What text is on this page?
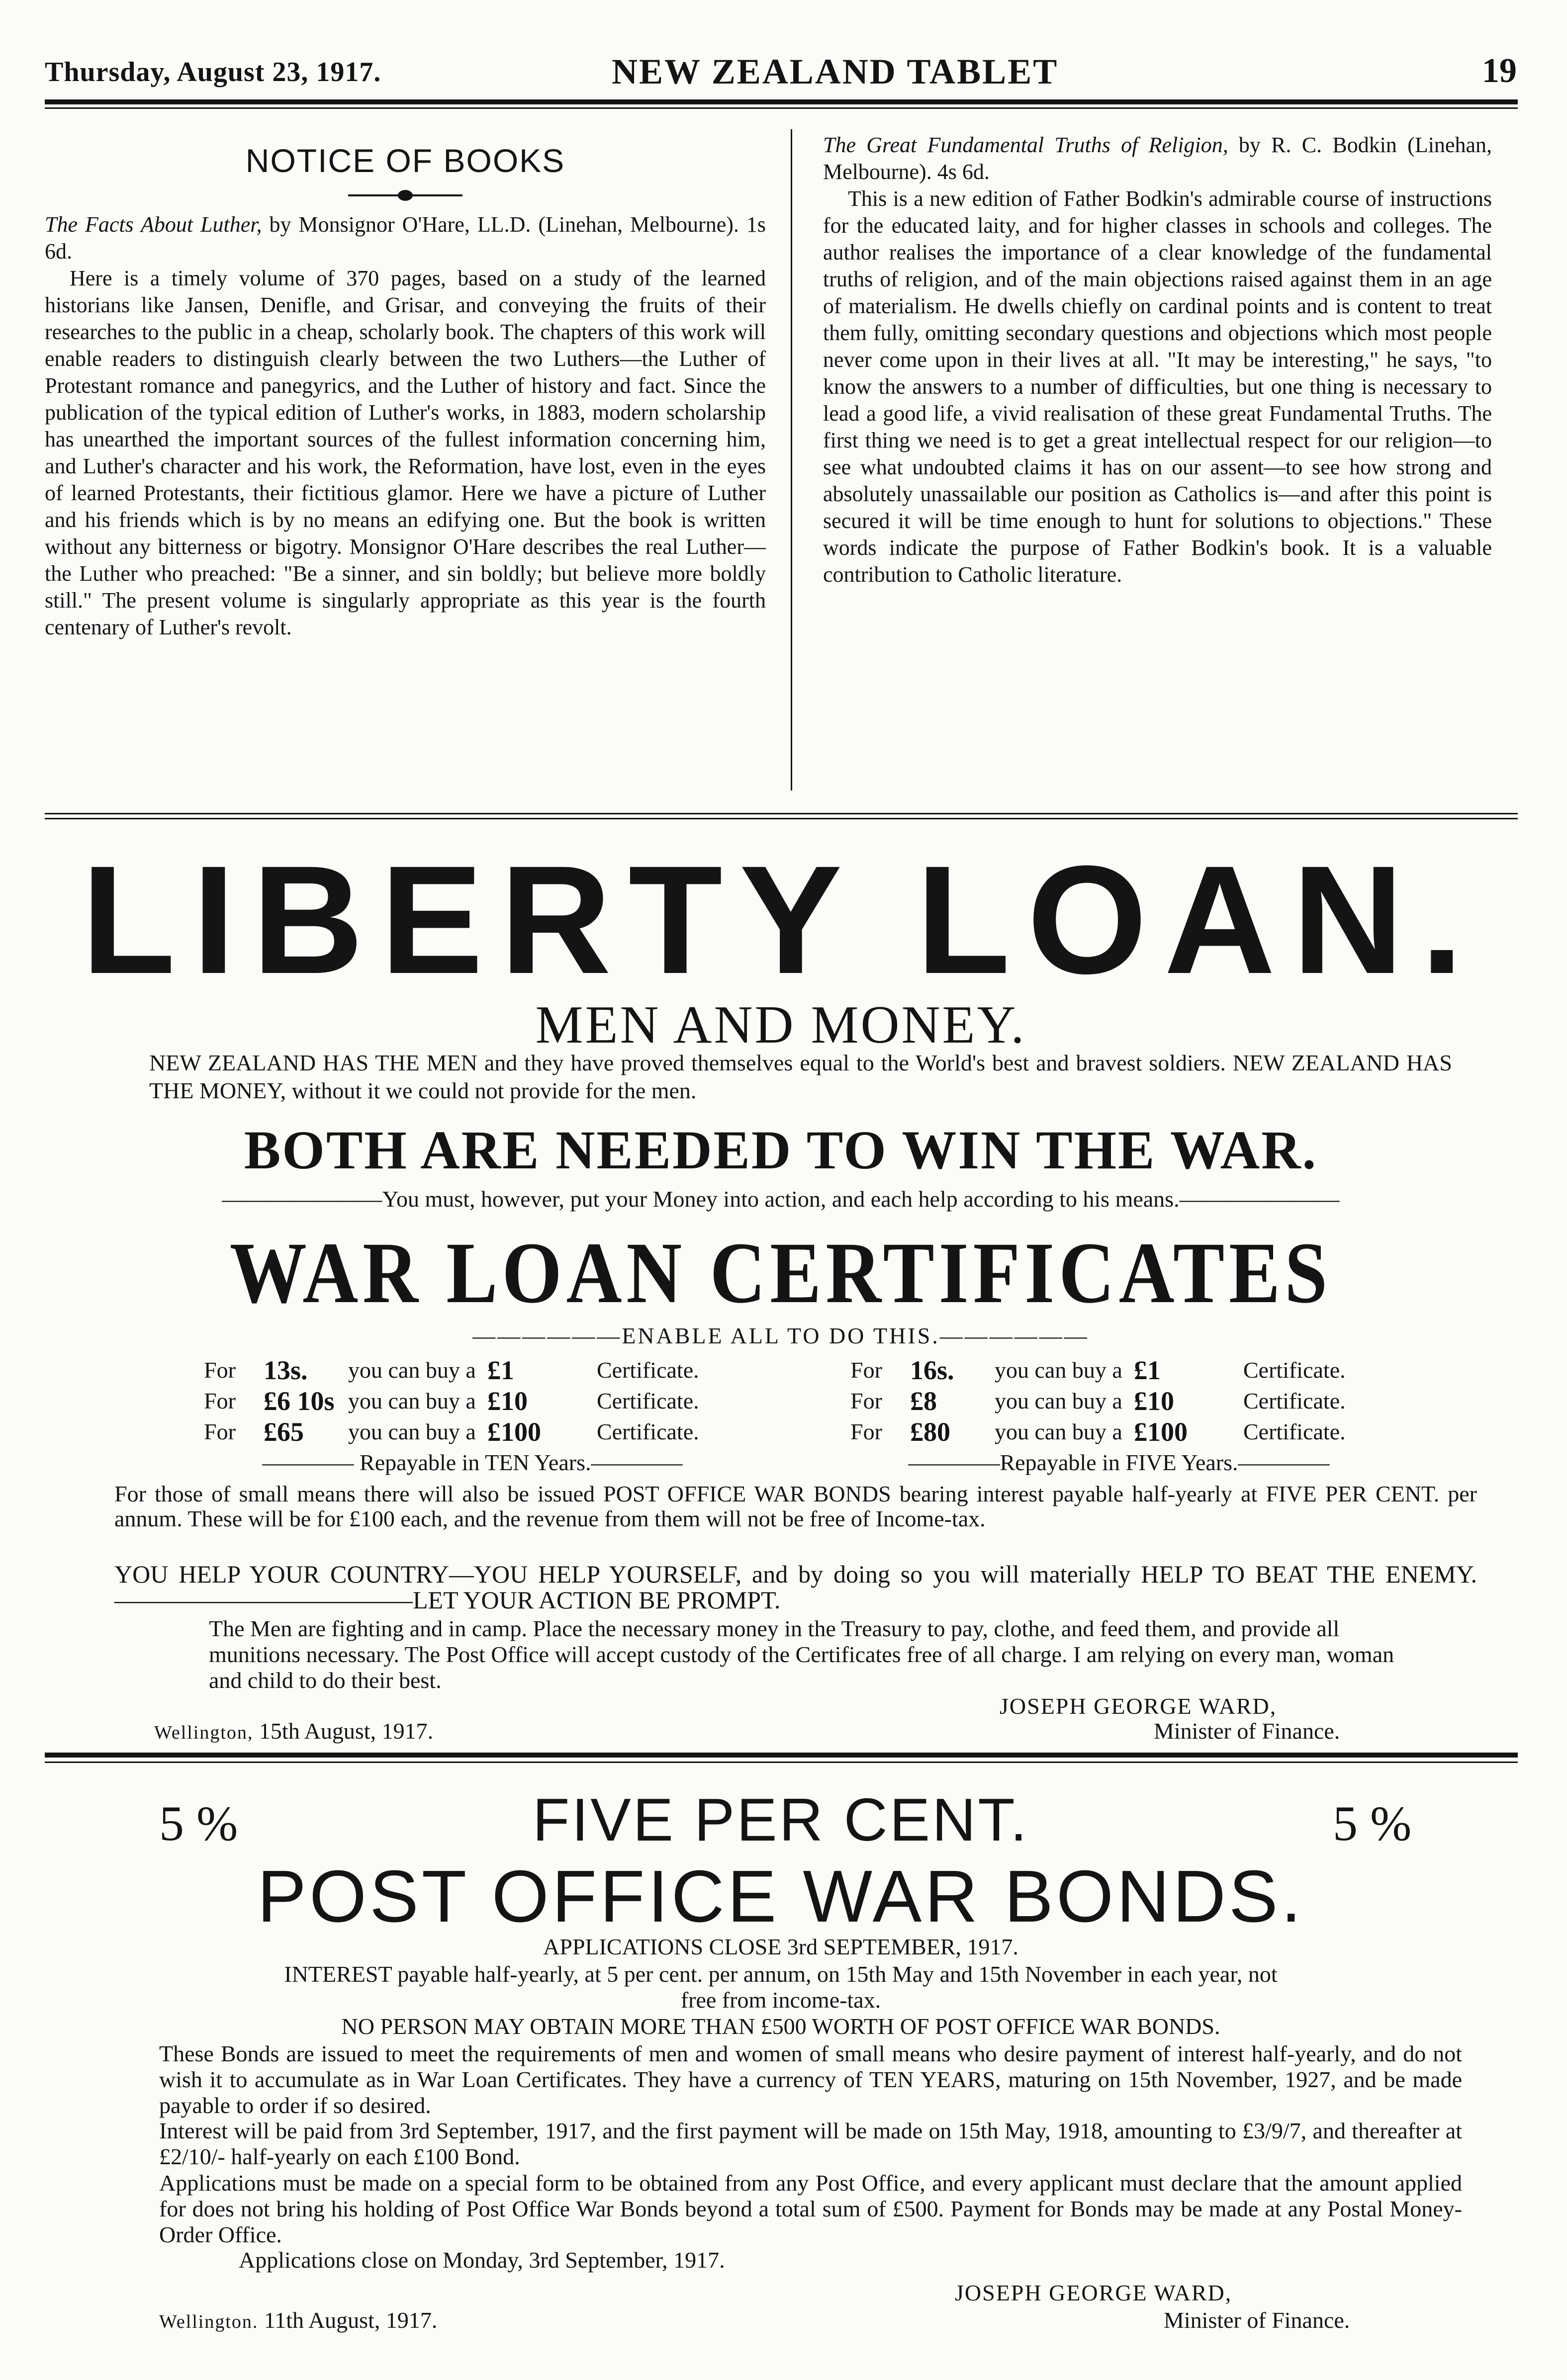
Thursday, August 23, 1917.	NEW ZEALAND TABLET	19
NOTICE OF BOOKS

The Facts About Luther, by Monsignor O'Hare, LL.D. (Linehan, Melbourne). 1s 6d.

Here is a timely volume of 370 pages, based on a study of the learned historians like Jansen, Denifle, and Grisar, and conveying the fruits of their researches to the public in a cheap, scholarly book. The chapters of this work will enable readers to distinguish clearly between the two Luthers—the Luther of Protestant romance and panegyrics, and the Luther of history and fact. Since the publication of the typical edition of Luther's works, in 1883, modern scholarship has unearthed the important sources of the fullest information concerning him, and Luther's character and his work, the Reformation, have lost, even in the eyes of learned Protestants, their fictitious glamor. Here we have a picture of Luther and his friends which is by no means an edifying one. But the book is written without any bitterness or bigotry. Monsignor O'Hare describes the real Luther—the Luther who preached: "Be a sinner, and sin boldly; but believe more boldly still." The present volume is singularly appropriate as this year is the fourth centenary of Luther's revolt.

The Great Fundamental Truths of Religion, by R. C. Bodkin (Linehan, Melbourne). 4s 6d.

This is a new edition of Father Bodkin's admirable course of instructions for the educated laity, and for higher classes in schools and colleges. The author realises the importance of a clear knowledge of the fundamental truths of religion, and of the main objections raised against them in an age of materialism. He dwells chiefly on cardinal points and is content to treat them fully, omitting secondary questions and objections which most people never come upon in their lives at all. "It may be interesting," he says, "to know the answers to a number of difficulties, but one thing is necessary to lead a good life, a vivid realisation of these great Fundamental Truths. The first thing we need is to get a great intellectual respect for our religion—to see what undoubted claims it has on our assent—to see how strong and absolutely unassailable our position as Catholics is—and after this point is secured it will be time enough to hunt for solutions to objections." These words indicate the purpose of Father Bodkin's book. It is a valuable contribution to Catholic literature.

LIBERTY LOAN.
MEN AND MONEY.
NEW ZEALAND HAS THE MEN and they have proved themselves equal to the World's best and bravest soldiers. NEW ZEALAND HAS THE MONEY, without it we could not provide for the men.
BOTH ARE NEEDED TO WIN THE WAR.
———————You must, however, put your Money into action, and each help according to his means.———————
WAR LOAN CERTIFICATES
——————ENABLE ALL TO DO THIS.——————
For 13s. you can buy a £1	Certificate.
For £6 10s you can buy a £10	Certificate.
For £65 you can buy a £100 Certificate.
———— Repayable in TEN Years.————
For 16s. you can buy a £1	Certificate.
For £8	you can buy a £10	Certificate.
For £80 you can buy a £100 Certificate.
————Repayable in FIVE Years.————
For those of small means there will also be issued POST OFFICE WAR BONDS bearing interest payable half-yearly at FIVE PER CENT. per annum. These will be for £100 each, and the revenue from them will not be free of Income-tax.
YOU HELP YOUR COUNTRY—YOU HELP YOURSELF, and by doing so you will materially HELP TO BEAT THE ENEMY.————————————LET YOUR ACTION BE PROMPT.
The Men are fighting and in camp. Place the necessary money in the Treasury to pay, clothe, and feed them, and provide all munitions necessary. The Post Office will accept custody of the Certificates free of all charge. I am relying on every man, woman and child to do their best.
JOSEPH GEORGE WARD,
Wellington, 15th August, 1917.	Minister of Finance.
5 %	5 %
FIVE PER CENT.
POST OFFICE WAR BONDS.
APPLICATIONS CLOSE 3rd SEPTEMBER, 1917.
INTEREST payable half-yearly, at 5 per cent. per annum, on 15th May and 15th November in each year, not free from income-tax.
NO PERSON MAY OBTAIN MORE THAN £500 WORTH OF POST OFFICE WAR BONDS.
These Bonds are issued to meet the requirements of men and women of small means who desire payment of interest half-yearly, and do not wish it to accumulate as in War Loan Certificates. They have a currency of TEN YEARS, maturing on 15th November, 1927, and be made payable to order if so desired.
Interest will be paid from 3rd September, 1917, and the first payment will be made on 15th May, 1918, amounting to £3/9/7, and thereafter at £2/10/- half-yearly on each £100 Bond.
Applications must be made on a special form to be obtained from any Post Office, and every applicant must declare that the amount applied for does not bring his holding of Post Office War Bonds beyond a total sum of £500. Payment for Bonds may be made at any Postal Money-Order Office.
Applications close on Monday, 3rd September, 1917.
JOSEPH GEORGE WARD,
Wellington. 11th August, 1917.	Minister of Finance.
